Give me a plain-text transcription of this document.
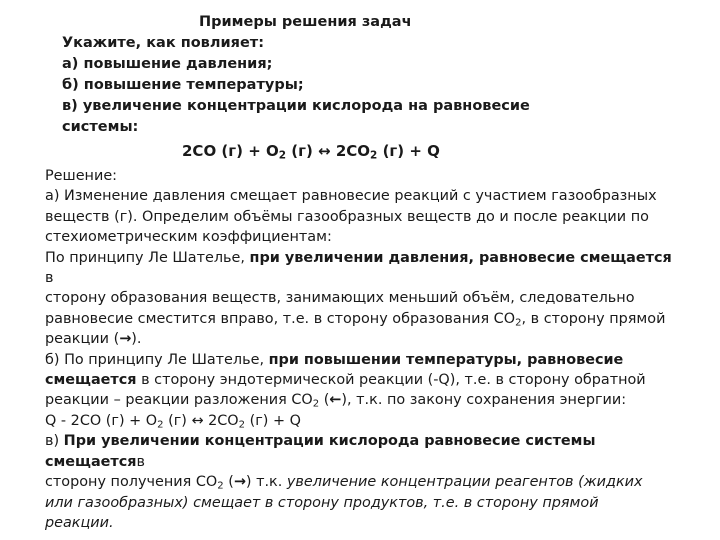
Примеры решения задач
Укажите, как повлияет:
а) повышение давления;
б) повышение температуры;
в) увеличение концентрации кислорода на равновесие
системы:
2CO $(г) + O_2$ (г) ↔ $2CO_2$ (г) + Q

Решение:

а) Изменение давления смещает равновесие реакций с участием газообразных

веществ (г). Определим объёмы газообразных веществ до и после реакции по

стехиометрическим коэффициентам:

По принципу Ле Шателье, при увеличении давления, равновесие смещается в

сторону образования веществ, занимающих меньший объём, следовательно

равновесие сместится вправо, т.е. в сторону образования $CO_2$, в сторону прямой

реакции (→).

б) По принципу Ле Шателье, при повышении температуры, равновесие

смещается в сторону эндотермической реакции (-Q), т.е. в сторону обратной

реакции – реакции разложения $CO_2$ (←), т.к. по закону сохранения энергии:

Q - 2CO $(г) + O_2$ (г) ↔ $2CO_2$ (г) + Q

в) При увеличении концентрации кислорода равновесие системы смещаетсяв

сторону получения $CO_2$ (→) т.к. увеличение концентрации реагентов (жидких

или газообразных) смещает в сторону продуктов, т.е. в сторону прямой

реакции.
